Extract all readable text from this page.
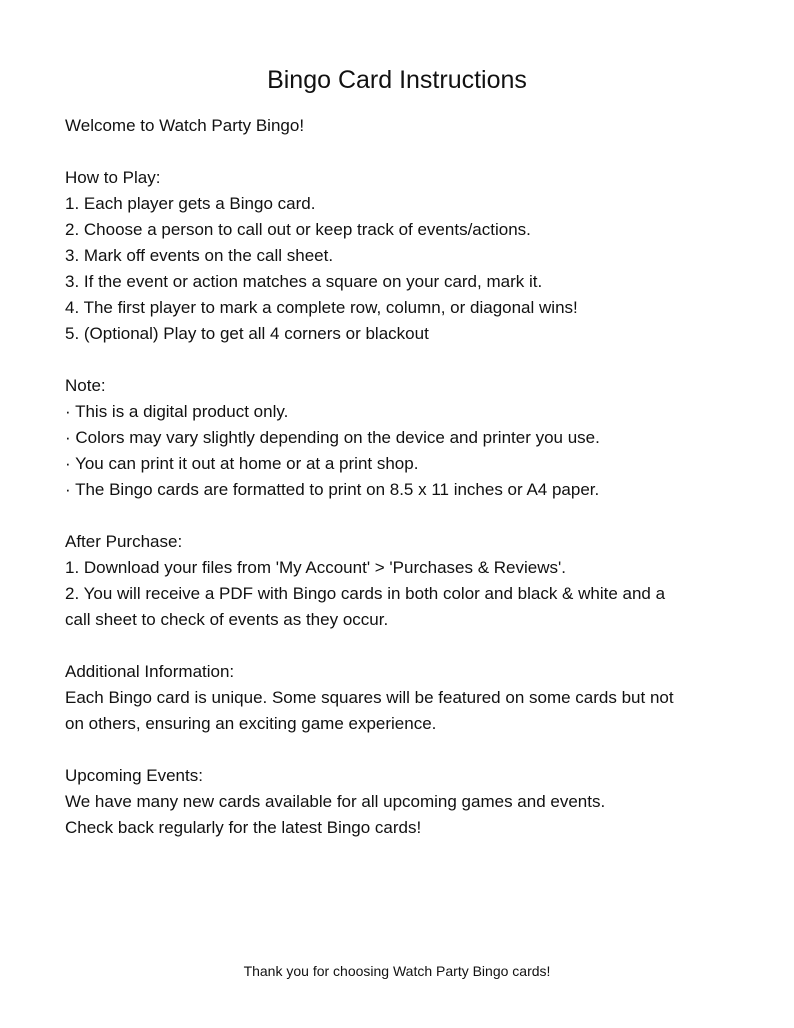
Bingo Card Instructions
Welcome to Watch Party Bingo!
How to Play:
1. Each player gets a Bingo card.
2. Choose a person to call out or keep track of events/actions.
3. Mark off events on the call sheet.
3. If the event or action matches a square on your card, mark it.
4. The first player to mark a complete row, column, or diagonal wins!
5. (Optional) Play to get all 4 corners or blackout
Note:
· This is a digital product only.
· Colors may vary slightly depending on the device and printer you use.
· You can print it out at home or at a print shop.
· The Bingo cards are formatted to print on 8.5 x 11 inches or A4 paper.
After Purchase:
1. Download your files from 'My Account' > 'Purchases & Reviews'.
2. You will receive a PDF with Bingo cards in both color and black & white and a
call sheet to check of events as they occur.
Additional Information:
Each Bingo card is unique. Some squares will be featured on some cards but not
on others, ensuring an exciting game experience.
Upcoming Events:
We have many new cards available for all upcoming games and events.
Check back regularly for the latest Bingo cards!
Thank you for choosing Watch Party Bingo cards!
